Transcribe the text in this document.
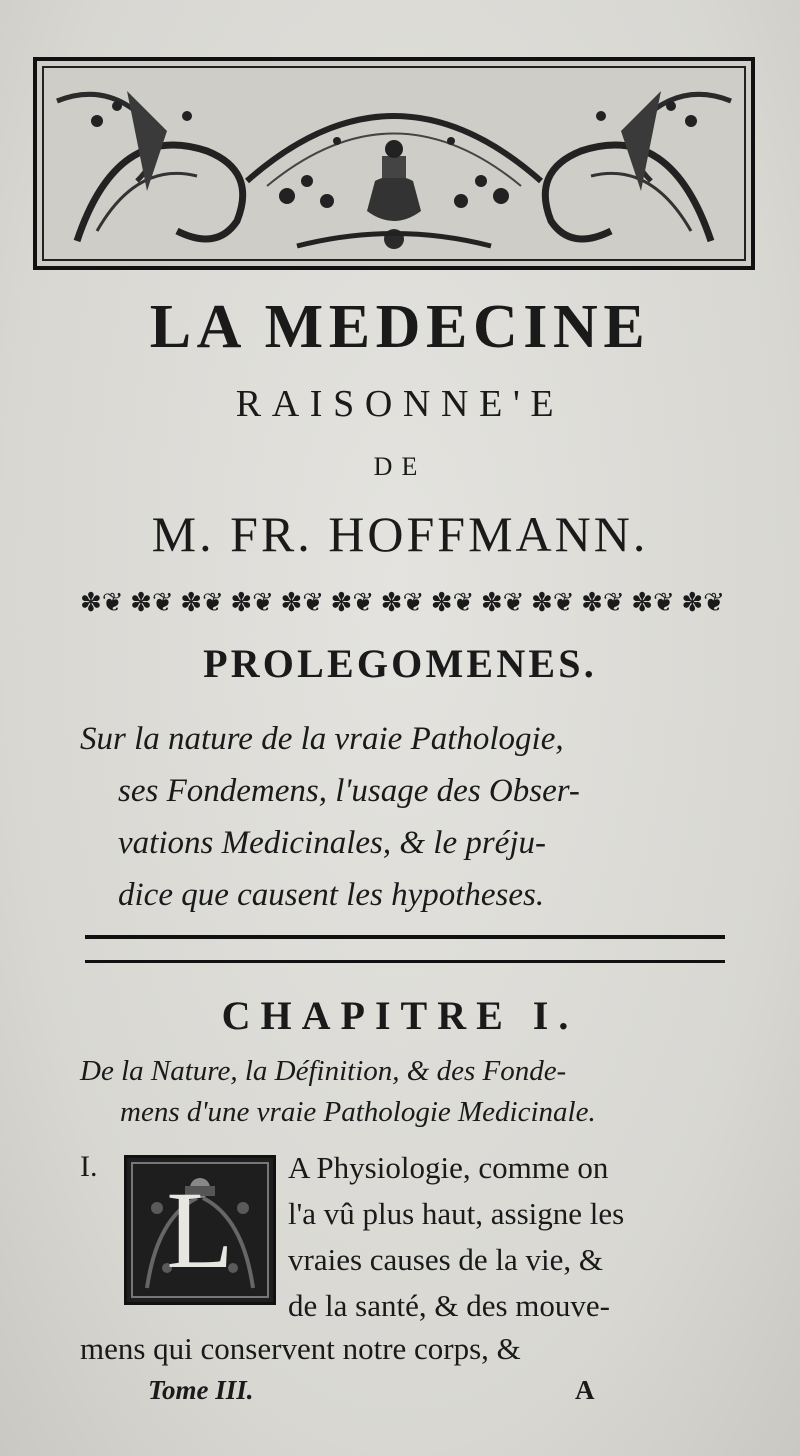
LA MEDECINE
RAISONNE'E
DE
M. FR. HOFFMANN.
✽❦ ✽❦ ✽❦ ✽❦ ✽❦ ✽❦ ✽❦ ✽❦ ✽❦ ✽❦ ✽❦ ✽❦ ✽❦
PROLEGOMENES.

Sur la nature de la vraie Pathologie,

ses Fondemens, l'usage des Obser-

vations Medicinales, & le préju-

dice que causent les hypotheses.

CHAPITRE I.

De la Nature, la Définition, & des Fonde-

mens d'une vraie Pathologie Medicinale.

I.
L

A Physiologie, comme on

l'a vû plus haut, assigne les

vraies causes de la vie, &

de la santé, & des mouve-

mens qui conservent notre corps, &

Tome III.	A
